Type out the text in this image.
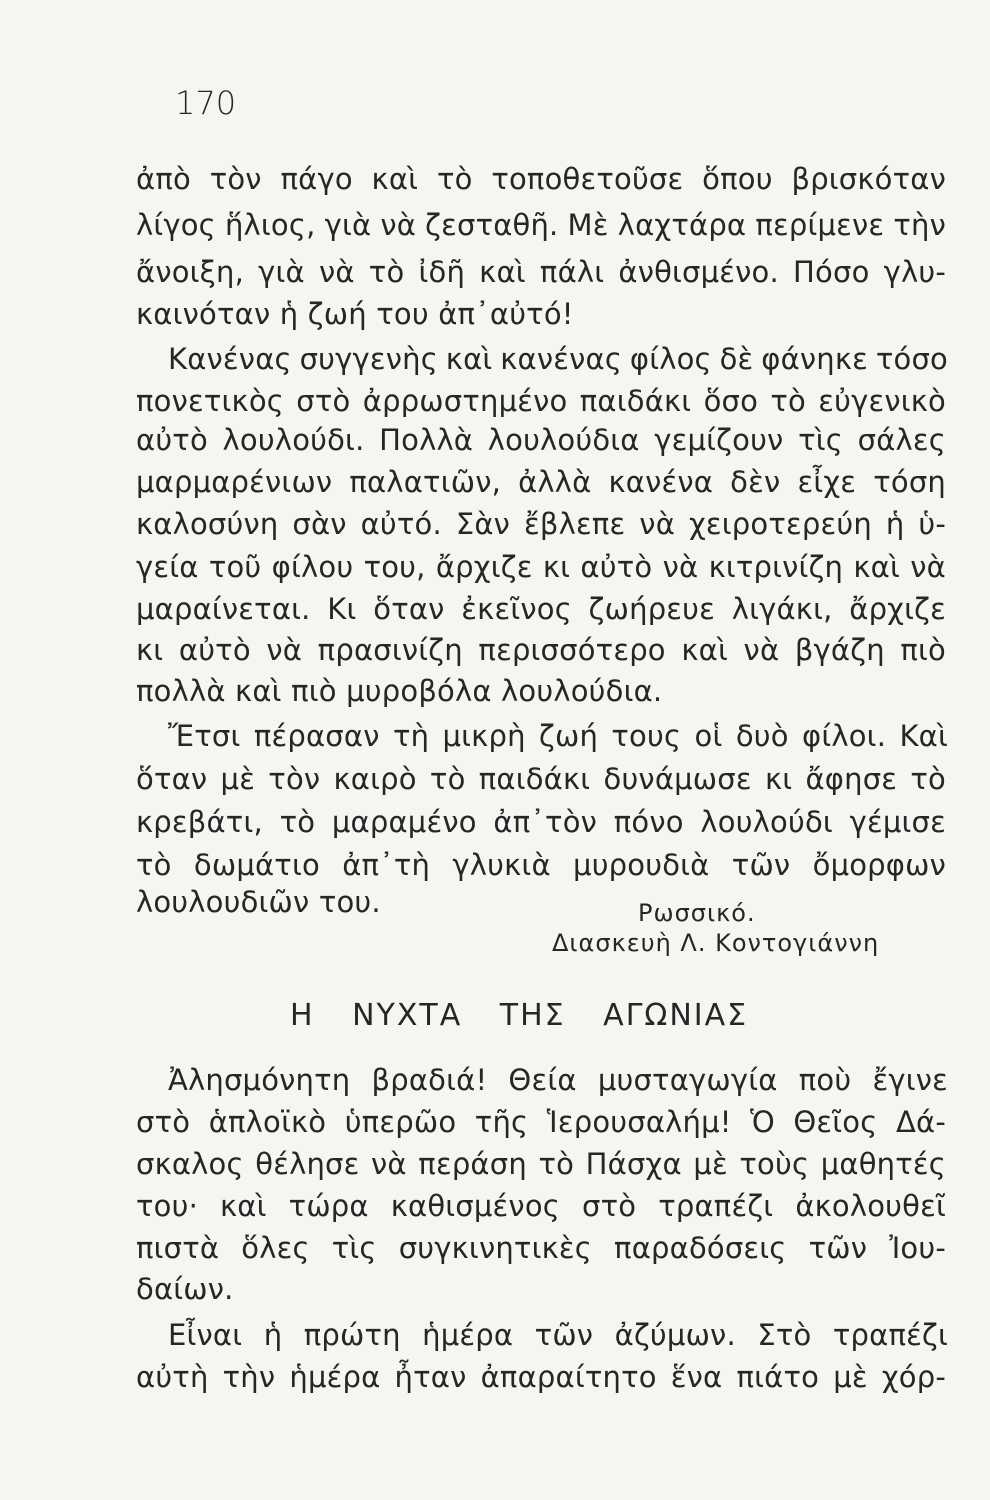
170
ἀπὸ τὸν πάγο καὶ τὸ τοποθετοῦσε ὅπου βρισκόταν
λίγος ἥλιος, γιὰ νὰ ζεσταθῆ. Μὲ λαχτάρα περίμενε τὴν
ἄνοιξη, γιὰ νὰ τὸ ἰδῆ καὶ πάλι ἀνθισμένο. Πόσο γλυ-
καινόταν ἡ ζωή του ἀπ᾽αὐτό!
Κανένας συγγενὴς καὶ κανένας φίλος δὲ φάνηκε τόσο
πονετικὸς στὸ ἀρρωστημένο παιδάκι ὅσο τὸ εὐγενικὸ
αὐτὸ λουλούδι. Πολλὰ λουλούδια γεμίζουν τὶς σάλες
μαρμαρένιων παλατιῶν, ἀλλὰ κανένα δὲν εἶχε τόση
καλοσύνη σὰν αὐτό. Σὰν ἔβλεπε νὰ χειροτερεύη ἡ ὑ-
γεία τοῦ φίλου του, ἄρχιζε κι αὐτὸ νὰ κιτρινίζη καὶ νὰ
μαραίνεται. Κι ὅταν ἐκεῖνος ζωήρευε λιγάκι, ἄρχιζε
κι αὐτὸ νὰ πρασινίζη περισσότερο καὶ νὰ βγάζη πιὸ
πολλὰ καὶ πιὸ μυροβόλα λουλούδια.
Ἔτσι πέρασαν τὴ μικρὴ ζωή τους οἱ δυὸ φίλοι. Καὶ
ὅταν μὲ τὸν καιρὸ τὸ παιδάκι δυνάμωσε κι ἄφησε τὸ
κρεβάτι, τὸ μαραμένο ἀπ᾽τὸν πόνο λουλούδι γέμισε
τὸ δωμάτιο ἀπ᾽τὴ γλυκιὰ μυρουδιὰ τῶν ὄμορφων
λουλουδιῶν του.	Ρωσσικό.
Διασκευὴ Λ. Κοντογιάννη
Η ΝΥΧΤΑ ΤΗΣ ΑΓΩΝΙΑΣ
Ἀλησμόνητη βραδιά! Θεία μυσταγωγία ποὺ ἔγινε
στὸ ἁπλοϊκὸ ὑπερῶο τῆς Ἱερουσαλήμ! Ὁ Θεῖος Δά-
σκαλος θέλησε νὰ περάση τὸ Πάσχα μὲ τοὺς μαθητές
του· καὶ τώρα καθισμένος στὸ τραπέζι ἀκολουθεῖ
πιστὰ ὅλες τὶς συγκινητικὲς παραδόσεις τῶν Ἰου-
δαίων.
Εἶναι ἡ πρώτη ἡμέρα τῶν ἀζύμων. Στὸ τραπέζι
αὐτὴ τὴν ἡμέρα ἦταν ἀπαραίτητο ἕνα πιάτο μὲ χόρ-
